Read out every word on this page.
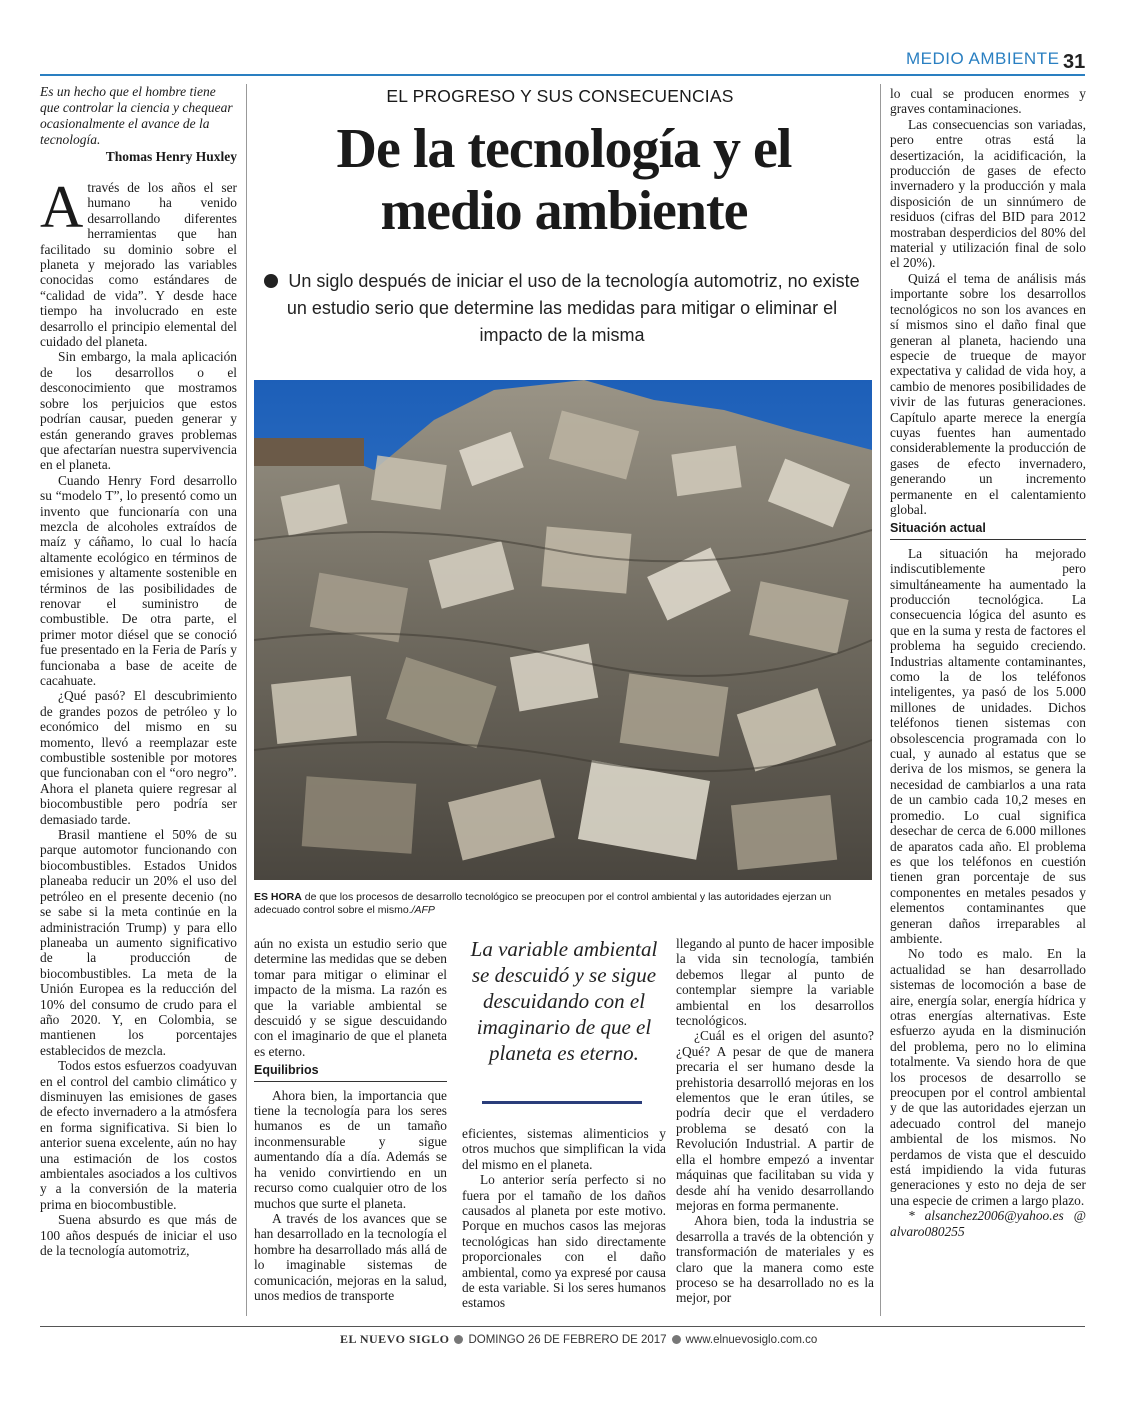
MEDIO AMBIENTE 31
Es un hecho que el hombre tiene que controlar la ciencia y chequear ocasionalmente el avance de la tecnología.
Thomas Henry Huxley

Através de los años el ser humano ha venido desarrollando diferentes herramientas que han facilitado su dominio sobre el planeta y mejorado las variables conocidas como estándares de “calidad de vida”. Y desde hace tiempo ha involucrado en este desarrollo el principio elemental del cuidado del planeta.

Sin embargo, la mala aplicación de los desarrollos o el desconocimiento que mostramos sobre los perjuicios que estos podrían causar, pueden generar y están generando graves problemas que afectarían nuestra supervivencia en el planeta.

Cuando Henry Ford desarrollo su “modelo T”, lo presentó como un invento que funcionaría con una mezcla de alcoholes extraídos de maíz y cáñamo, lo cual lo hacía altamente ecológico en términos de emisiones y altamente sostenible en términos de las posibilidades de renovar el suministro de combustible. De otra parte, el primer motor diésel que se conoció fue presentado en la Feria de París y funcionaba a base de aceite de cacahuate.

¿Qué pasó? El descubrimiento de grandes pozos de petróleo y lo económico del mismo en su momento, llevó a reemplazar este combustible sostenible por motores que funcionaban con el “oro negro”. Ahora el planeta quiere regresar al biocombustible pero podría ser demasiado tarde.

Brasil mantiene el 50% de su parque automotor funcionando con biocombustibles. Estados Unidos planeaba reducir un 20% el uso del petróleo en el presente decenio (no se sabe si la meta continúe en la administración Trump) y para ello planeaba un aumento significativo de la producción de biocombustibles. La meta de la Unión Europea es la reducción del 10% del consumo de crudo para el año 2020. Y, en Colombia, se mantienen los porcentajes establecidos de mezcla.

Todos estos esfuerzos coadyuvan en el control del cambio climático y disminuyen las emisiones de gases de efecto invernadero a la atmósfera en forma significativa. Si bien lo anterior suena excelente, aún no hay una estimación de los costos ambientales asociados a los cultivos y a la conversión de la materia prima en biocombustible.

Suena absurdo es que más de 100 años después de iniciar el uso de la tecnología automotriz,

EL PROGRESO Y SUS CONSECUENCIAS
De la tecnología y el
medio ambiente
Un siglo después de iniciar el uso de la tecnología automotriz, no existe un estudio serio que determine las medidas para mitigar o eliminar el impacto de la misma
ES HORA de que los procesos de desarrollo tecnológico se preocupen por el control ambiental y las autoridades ejerzan un adecuado control sobre el mismo./AFP

aún no exista un estudio serio que determine las medidas que se deben tomar para mitigar o eliminar el impacto de la misma. La razón es que la variable ambiental se descuidó y se sigue descuidando con el imaginario de que el planeta es eterno.

Equilibrios

Ahora bien, la importancia que tiene la tecnología para los seres humanos es de un tamaño inconmensurable y sigue aumentando día a día. Además se ha venido convirtiendo en un recurso como cualquier otro de los muchos que surte el planeta.

A través de los avances que se han desarrollado en la tecnología el hombre ha desarrollado más allá de lo imaginable sistemas de comunicación, mejoras en la salud, unos medios de transporte

La variable ambiental se descuidó y se sigue descuidando con el imaginario de que el planeta es eterno.

eficientes, sistemas alimenticios y otros muchos que simplifican la vida del mismo en el planeta.

Lo anterior sería perfecto si no fuera por el tamaño de los daños causados al planeta por este motivo. Porque en muchos casos las mejoras tecnológicas han sido directamente proporcionales con el daño ambiental, como ya expresé por causa de esta variable. Si los seres humanos estamos

llegando al punto de hacer imposible la vida sin tecnología, también debemos llegar al punto de contemplar siempre la variable ambiental en los desarrollos tecnológicos.

¿Cuál es el origen del asunto? ¿Qué? A pesar de que de manera precaria el ser humano desde la prehistoria desarrolló mejoras en los elementos que le eran útiles, se podría decir que el verdadero problema se desató con la Revolución Industrial. A partir de ella el hombre empezó a inventar máquinas que facilitaban su vida y desde ahí ha venido desarrollando mejoras en forma permanente.

Ahora bien, toda la industria se desarrolla a través de la obtención y transformación de materiales y es claro que la manera como este proceso se ha desarrollado no es la mejor, por

lo cual se producen enormes y graves contaminaciones.

Las consecuencias son variadas, pero entre otras está la desertización, la acidificación, la producción de gases de efecto invernadero y la producción y mala disposición de un sinnúmero de residuos (cifras del BID para 2012 mostraban desperdicios del 80% del material y utilización final de solo el 20%).

Quizá el tema de análisis más importante sobre los desarrollos tecnológicos no son los avances en sí mismos sino el daño final que generan al planeta, haciendo una especie de trueque de mayor expectativa y calidad de vida hoy, a cambio de menores posibilidades de vivir de las futuras generaciones. Capítulo aparte merece la energía cuyas fuentes han aumentado considerablemente la producción de gases de efecto invernadero, generando un incremento permanente en el calentamiento global.

Situación actual

La situación ha mejorado indiscutiblemente pero simultáneamente ha aumentado la producción tecnológica. La consecuencia lógica del asunto es que en la suma y resta de factores el problema ha seguido creciendo. Industrias altamente contaminantes, como la de los teléfonos inteligentes, ya pasó de los 5.000 millones de unidades. Dichos teléfonos tienen sistemas con obsolescencia programada con lo cual, y aunado al estatus que se deriva de los mismos, se genera la necesidad de cambiarlos a una rata de un cambio cada 10,2 meses en promedio. Lo cual significa desechar de cerca de 6.000 millones de aparatos cada año. El problema es que los teléfonos en cuestión tienen gran porcentaje de sus componentes en metales pesados y elementos contaminantes que generan daños irreparables al ambiente.

No todo es malo. En la actualidad se han desarrollado sistemas de locomoción a base de aire, energía solar, energía hídrica y otras energías alternativas. Este esfuerzo ayuda en la disminución del problema, pero no lo elimina totalmente. Va siendo hora de que los procesos de desarrollo se preocupen por el control ambiental y de que las autoridades ejerzan un adecuado control del manejo ambiental de los mismos. No perdamos de vista que el descuido está impidiendo la vida futuras generaciones y esto no deja de ser una especie de crimen a largo plazo.

* alsanchez2006@yahoo.es @ alvaro080255

EL NUEVO SIGLO DOMINGO 26 DE FEBRERO DE 2017 www.elnuevosiglo.com.co
